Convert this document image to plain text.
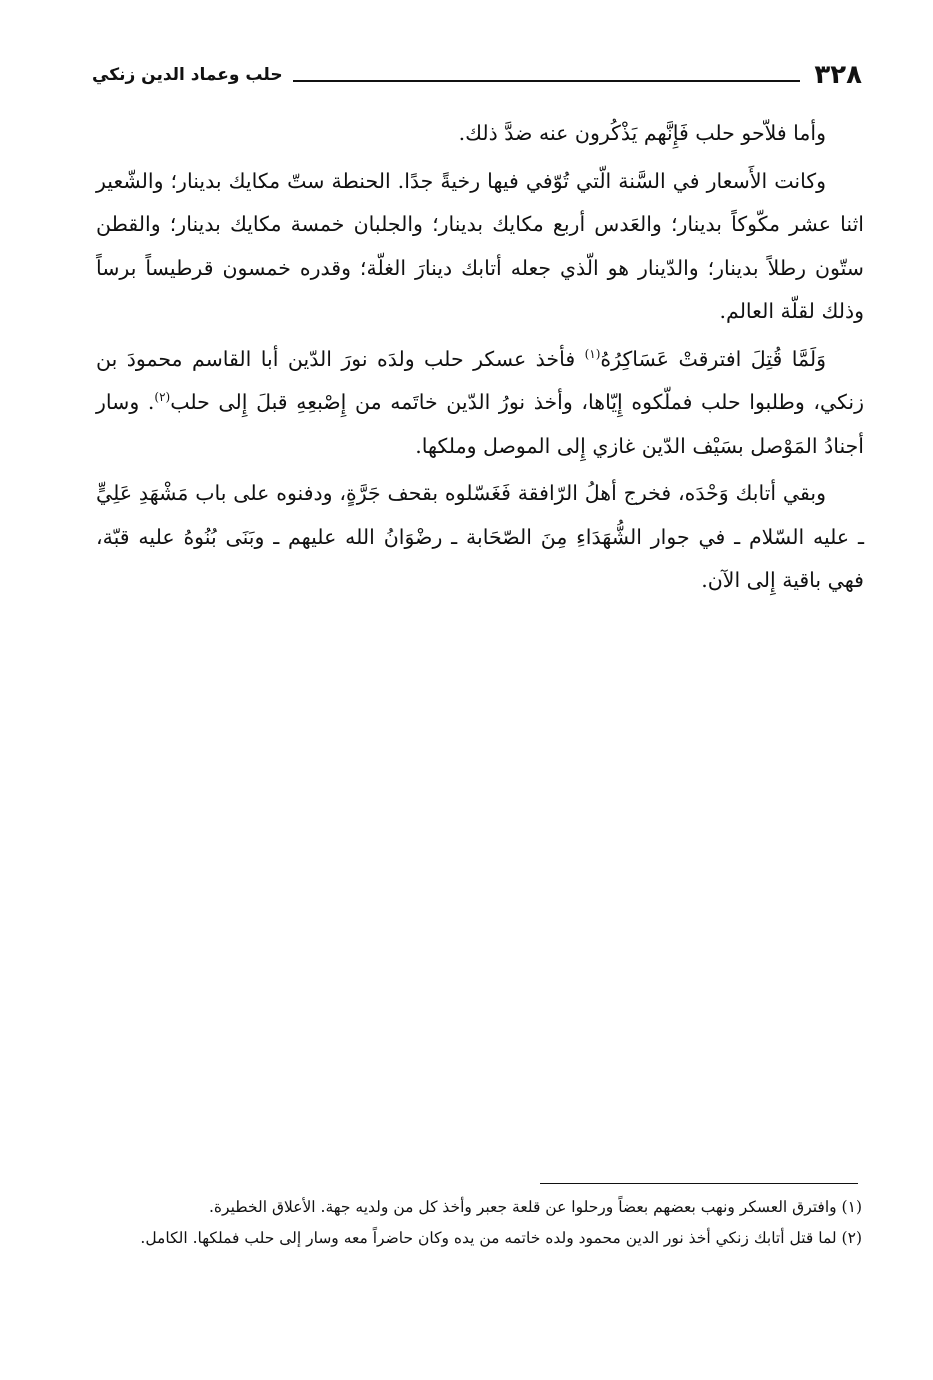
٣٢٨
حلب وعماد الدين زنكي

وأما فلاّحو حلب فَإِنَّهم يَذْكُرون عنه ضدَّ ذلك.

وكانت الأَسعار في السَّنة الّتي تُوّفي فيها رخيةً جدًا. الحنطة ستّ مكايك بدينار؛ والشّعير اثنا عشر مكّوكاً بدينار؛ والعَدس أربع مكايك بدينار؛ والجلبان خمسة مكايك بدينار؛ والقطن ستّون رطلاً بدينار؛ والدّينار هو الّذي جعله أتابك دينارَ الغلّة؛ وقدره خمسون قرطيساً برساً وذلك لقلّة العالم.

وَلَمَّا قُتِلَ افترقتْ عَسَاكِرُهُ$^{(١)}$ فأخذ عسكر حلب ولدَه نورَ الدّين أبا القاسم محمودَ بن زنكي، وطلبوا حلب فملّكوه إِيّاها، وأخذ نورُ الدّين خاتَمه من إِصْبعِهِ قبلَ إِلى حلب$^{(٢)}$. وسار أجنادُ المَوْصل بسَيْف الدّين غازي إِلى الموصل وملكها.

وبقي أتابك وَحْدَه، فخرج أهلُ الرّافقة فَغَسّلوه بقحف جَرَّةٍ، ودفنوه على باب مَشْهَدِ عَلِيٍّ ـ عليه السّلام ـ في جوار الشُّهَدَاءِ مِنَ الصّحَابة ـ رضْوَانُ الله عليهم ـ وبَنَى بُنُوهُ عليه قبّة، فهي باقية إِلى الآن.

(١) وافترق العسكر ونهب بعضهم بعضاً ورحلوا عن قلعة جعبر وأخذ كل من ولديه جهة. الأعلاق الخطيرة.

(٢) لما قتل أتابك زنكي أخذ نور الدين محمود ولده خاتمه من يده وكان حاضراً معه وسار إلى حلب فملكها. الكامل.
